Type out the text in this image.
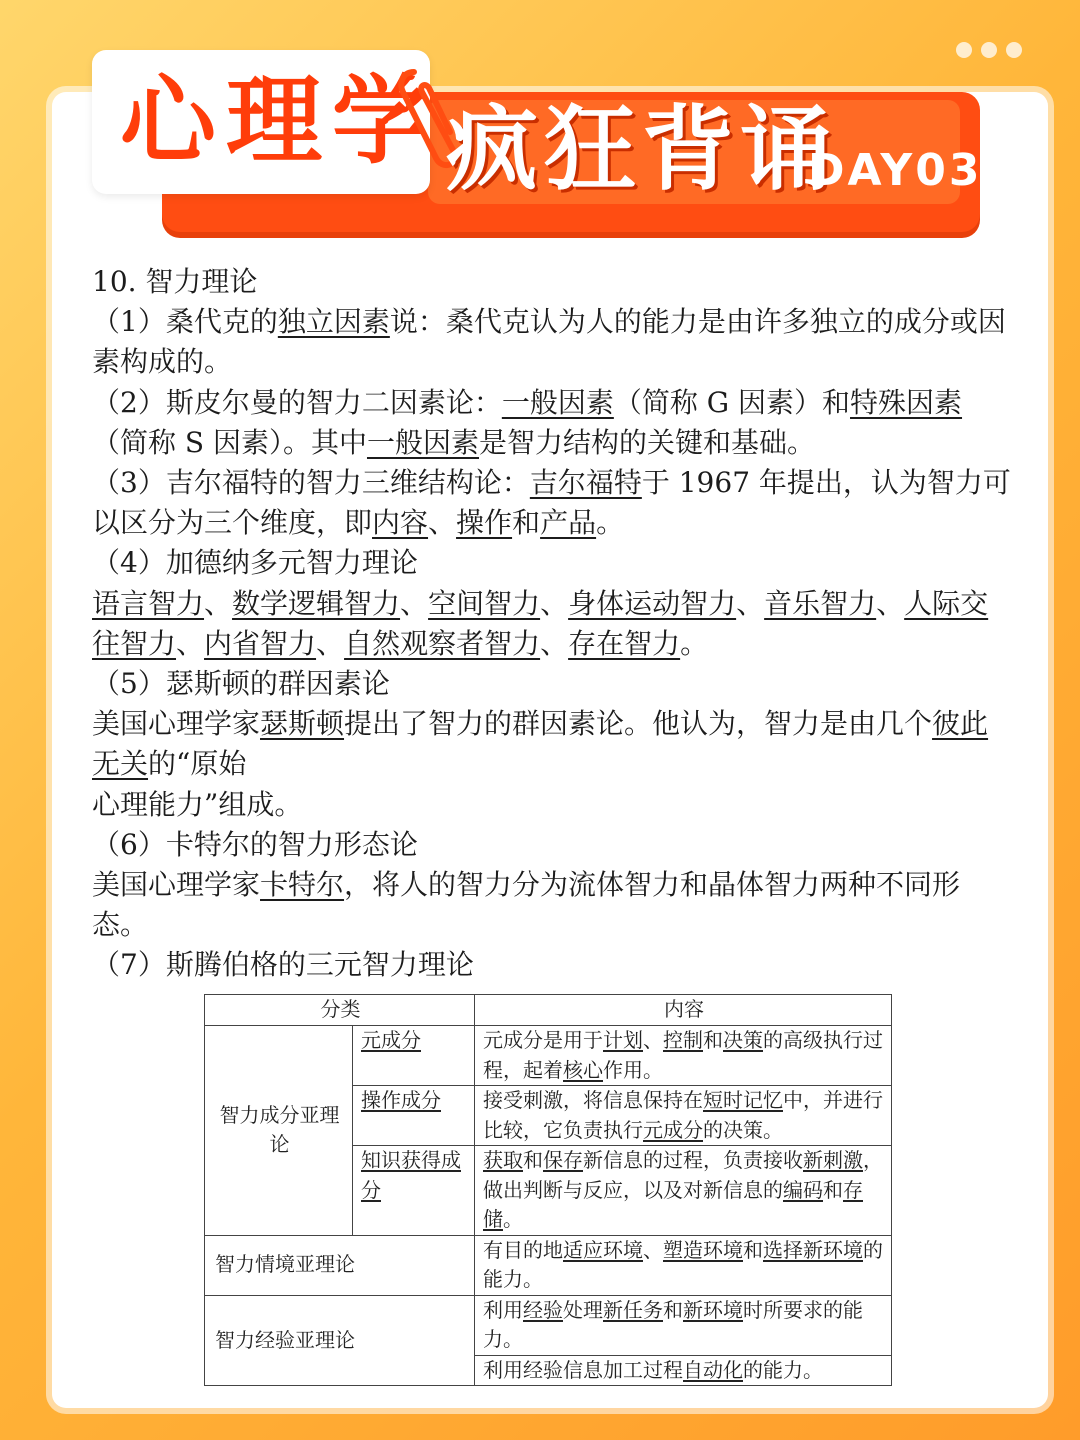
心理学 疯狂背诵
DAY03

10. 智力理论

（1）桑代克的独立因素说：桑代克认为人的能力是由许多独立的成分或因素构成的。

（2）斯皮尔曼的智力二因素论：一般因素（简称 G 因素）和特殊因素（简称 S 因素）。其中一般因素是智力结构的关键和基础。

（3）吉尔福特的智力三维结构论：吉尔福特于 1967 年提出，认为智力可以区分为三个维度，即内容、操作和产品。

（4）加德纳多元智力理论

语言智力、数学逻辑智力、空间智力、身体运动智力、音乐智力、人际交往智力、内省智力、自然观察者智力、存在智力。

（5）瑟斯顿的群因素论

美国心理学家瑟斯顿提出了智力的群因素论。他认为，智力是由几个彼此无关的“原始

心理能力”组成。

（6）卡特尔的智力形态论

美国心理学家卡特尔，将人的智力分为流体智力和晶体智力两种不同形态。

（7）斯腾伯格的三元智力理论

分类		内容
智力成分亚理论	元成分	元成分是用于计划、控制和决策的高级执行过程，起着核心作用。
	操作成分	接受刺激，将信息保持在短时记忆中，并进行比较，它负责执行元成分的决策。
	知识获得成分	获取和保存新信息的过程，负责接收新刺激，做出判断与反应，以及对新信息的编码和存储。
智力情境亚理论		有目的地适应环境、塑造环境和选择新环境的能力。
智力经验亚理论		利用经验处理新任务和新环境时所要求的能力。
		利用经验信息加工过程自动化的能力。
